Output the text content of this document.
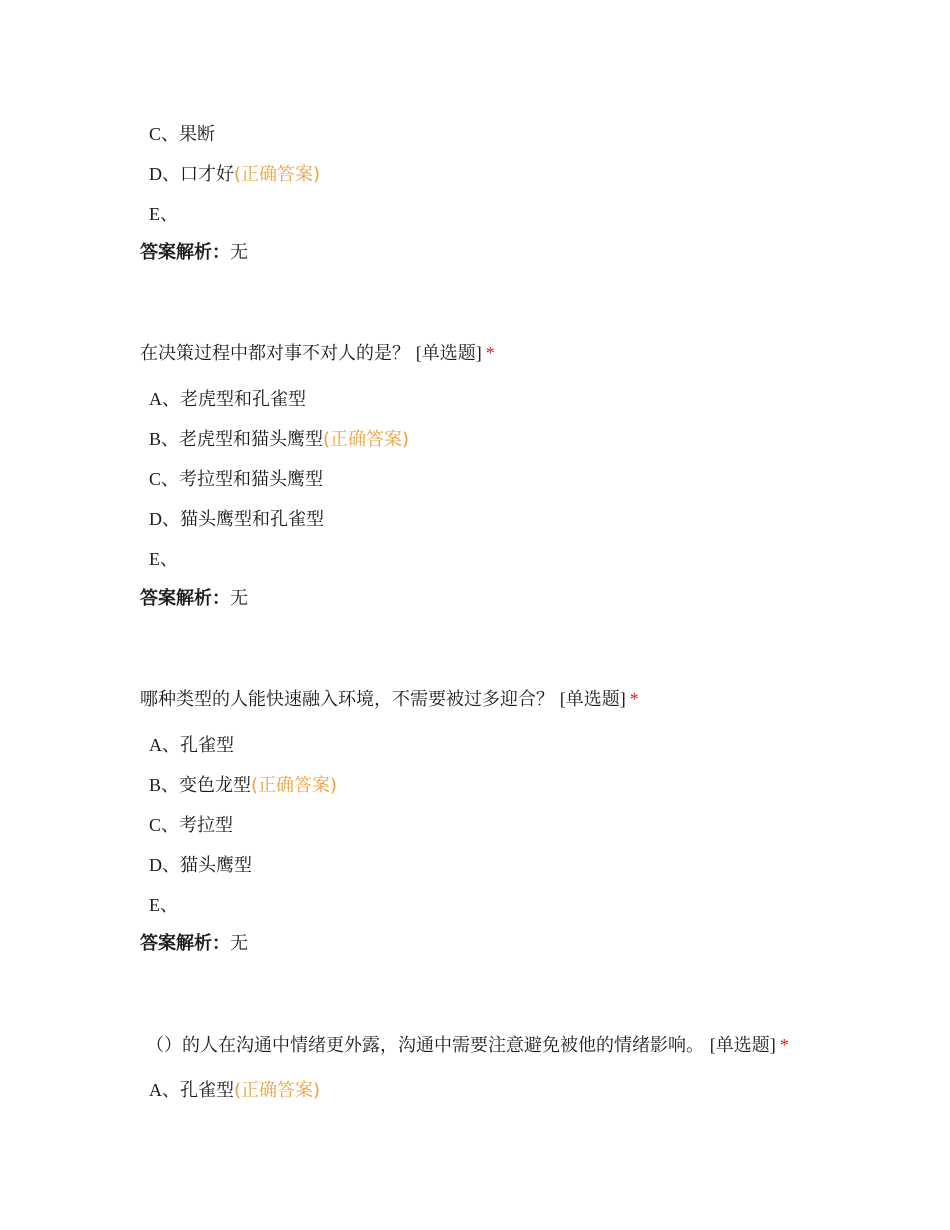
C、果断
D、口才好(正确答案)
E、
答案解析：无
在决策过程中都对事不对人的是？ [单选题] *
A、老虎型和孔雀型
B、老虎型和猫头鹰型(正确答案)
C、考拉型和猫头鹰型
D、猫头鹰型和孔雀型
E、
答案解析：无
哪种类型的人能快速融入环境，不需要被过多迎合？ [单选题] *
A、孔雀型
B、变色龙型(正确答案)
C、考拉型
D、猫头鹰型
E、
答案解析：无
（）的人在沟通中情绪更外露，沟通中需要注意避免被他的情绪影响。 [单选题] *
A、孔雀型(正确答案)
